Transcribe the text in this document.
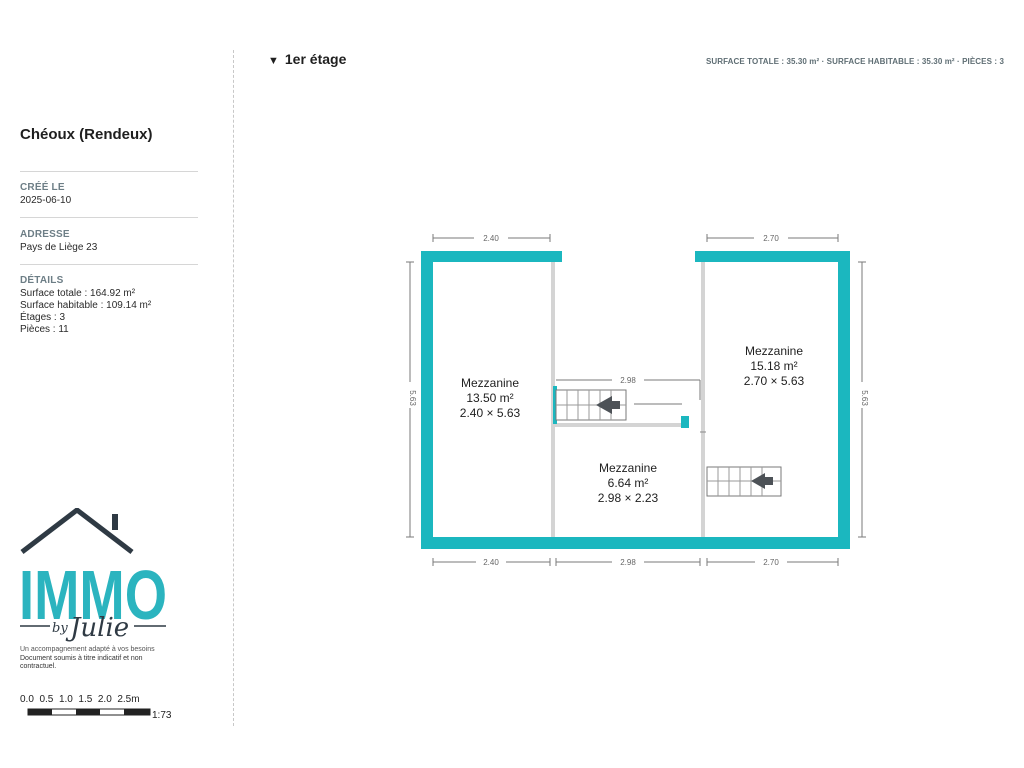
Chéoux (Rendeux)
CRÉÉ LE
2025-06-10
ADRESSE
Pays de Liège 23
DÉTAILS
Surface totale : 164.92 m²
Surface habitable : 109.14 m²
Étages : 3
Pièces : 11
IMMO
by Julie
Un accompagnement adapté à vos besoins
Document soumis à titre indicatif et non contractuel.
0.0 0.5 1.0 1.5 2.0 2.5m
1:73
▼ 1er étage	SURFACE TOTALE : 35.30 m² · SURFACE HABITABLE : 35.30 m² · PIÈCES : 3
2.40	2.70
2.98
5.63	5.63
2.40	2.98	2.70
Mezzanine
13.50 m²
2.40 × 5.63
Mezzanine
15.18 m²
2.70 × 5.63
Mezzanine
6.64 m²
2.98 × 2.23
